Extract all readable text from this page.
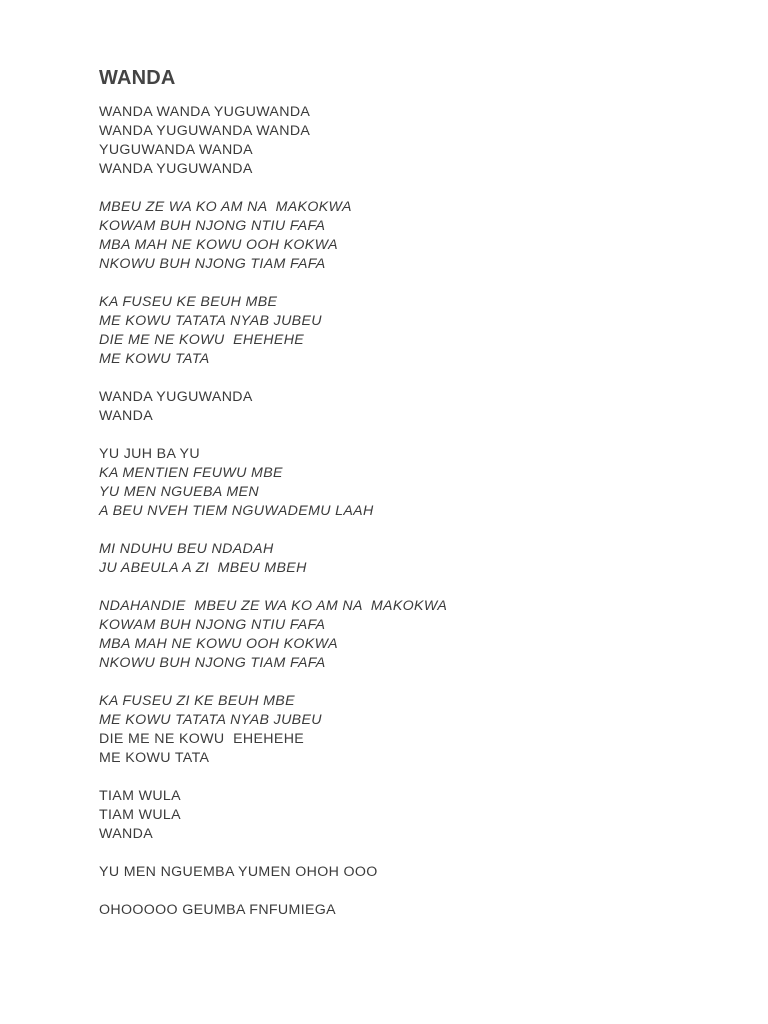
WANDA
WANDA WANDA YUGUWANDA
WANDA YUGUWANDA WANDA
YUGUWANDA WANDA
WANDA YUGUWANDA
MBEU ZE WA KO AM NA  MAKOKWA
KOWAM BUH NJONG NTIU FAFA
MBA MAH NE KOWU OOH KOKWA
NKOWU BUH NJONG TIAM FAFA
KA FUSEU KE BEUH MBE
ME KOWU TATATA NYAB JUBEU
DIE ME NE KOWU  EHEHEHE
ME KOWU TATA
WANDA YUGUWANDA
WANDA
YU JUH BA YU
KA MENTIEN FEUWU MBE
YU MEN NGUEBA MEN
A BEU NVEH TIEM NGUWADEMU LAAH
MI NDUHU BEU NDADAH
JU ABEULA A ZI  MBEU MBEH
NDAHANDIE  MBEU ZE WA KO AM NA  MAKOKWA
KOWAM BUH NJONG NTIU FAFA
MBA MAH NE KOWU OOH KOKWA
NKOWU BUH NJONG TIAM FAFA
KA FUSEU ZI KE BEUH MBE
ME KOWU TATATA NYAB JUBEU
DIE ME NE KOWU  EHEHEHE
ME KOWU TATA
TIAM WULA
TIAM WULA
WANDA
YU MEN NGUEMBA YUMEN OHOH OOO
OHOOOOO GEUMBA FNFUMIEGA
